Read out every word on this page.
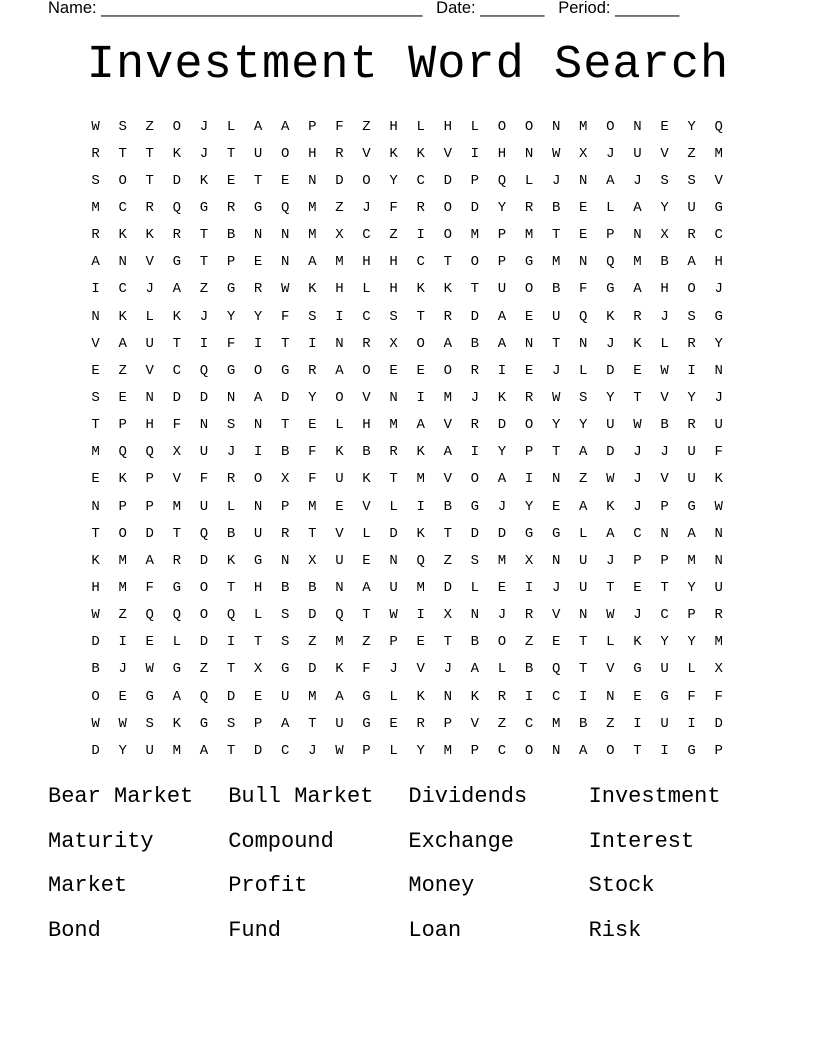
Name: ___________________________________ Date: _______ Period: _______
Investment Word Search
W	S	Z	O	J	L	A	A	P	F	Z	H	L	H	L	O	O	N	M	O	N	E	Y	Q
R	T	T	K	J	T	U	O	H	R	V	K	K	V	I	H	N	W	X	J	U	V	Z	M
S	O	T	D	K	E	T	E	N	D	O	Y	C	D	P	Q	L	J	N	A	J	S	S	V
M	C	R	Q	G	R	G	Q	M	Z	J	F	R	O	D	Y	R	B	E	L	A	Y	U	G
R	K	K	R	T	B	N	N	M	X	C	Z	I	O	M	P	M	T	E	P	N	X	R	C
A	N	V	G	T	P	E	N	A	M	H	H	C	T	O	P	G	M	N	Q	M	B	A	H
I	C	J	A	Z	G	R	W	K	H	L	H	K	K	T	U	O	B	F	G	A	H	O	J
N	K	L	K	J	Y	Y	F	S	I	C	S	T	R	D	A	E	U	Q	K	R	J	S	G
V	A	U	T	I	F	I	T	I	N	R	X	O	A	B	A	N	T	N	J	K	L	R	Y
E	Z	V	C	Q	G	O	G	R	A	O	E	E	O	R	I	E	J	L	D	E	W	I	N
S	E	N	D	D	N	A	D	Y	O	V	N	I	M	J	K	R	W	S	Y	T	V	Y	J
T	P	H	F	N	S	N	T	E	L	H	M	A	V	R	D	O	Y	Y	U	W	B	R	U
M	Q	Q	X	U	J	I	B	F	K	B	R	K	A	I	Y	P	T	A	D	J	J	U	F
E	K	P	V	F	R	O	X	F	U	K	T	M	V	O	A	I	N	Z	W	J	V	U	K
N	P	P	M	U	L	N	P	M	E	V	L	I	B	G	J	Y	E	A	K	J	P	G	W
T	O	D	T	Q	B	U	R	T	V	L	D	K	T	D	D	G	G	L	A	C	N	A	N
K	M	A	R	D	K	G	N	X	U	E	N	Q	Z	S	M	X	N	U	J	P	P	M	N
H	M	F	G	O	T	H	B	B	N	A	U	M	D	L	E	I	J	U	T	E	T	Y	U
W	Z	Q	Q	O	Q	L	S	D	Q	T	W	I	X	N	J	R	V	N	W	J	C	P	R
D	I	E	L	D	I	T	S	Z	M	Z	P	E	T	B	O	Z	E	T	L	K	Y	Y	M
B	J	W	G	Z	T	X	G	D	K	F	J	V	J	A	L	B	Q	T	V	G	U	L	X
O	E	G	A	Q	D	E	U	M	A	G	L	K	N	K	R	I	C	I	N	E	G	F	F
W	W	S	K	G	S	P	A	T	U	G	E	R	P	V	Z	C	M	B	Z	I	U	I	D
D	Y	U	M	A	T	D	C	J	W	P	L	Y	M	P	C	O	N	A	O	T	I	G	P
Bear Market	Bull Market	Dividends	Investment
Maturity	Compound	Exchange	Interest
Market	Profit	Money	Stock
Bond	Fund	Loan	Risk
